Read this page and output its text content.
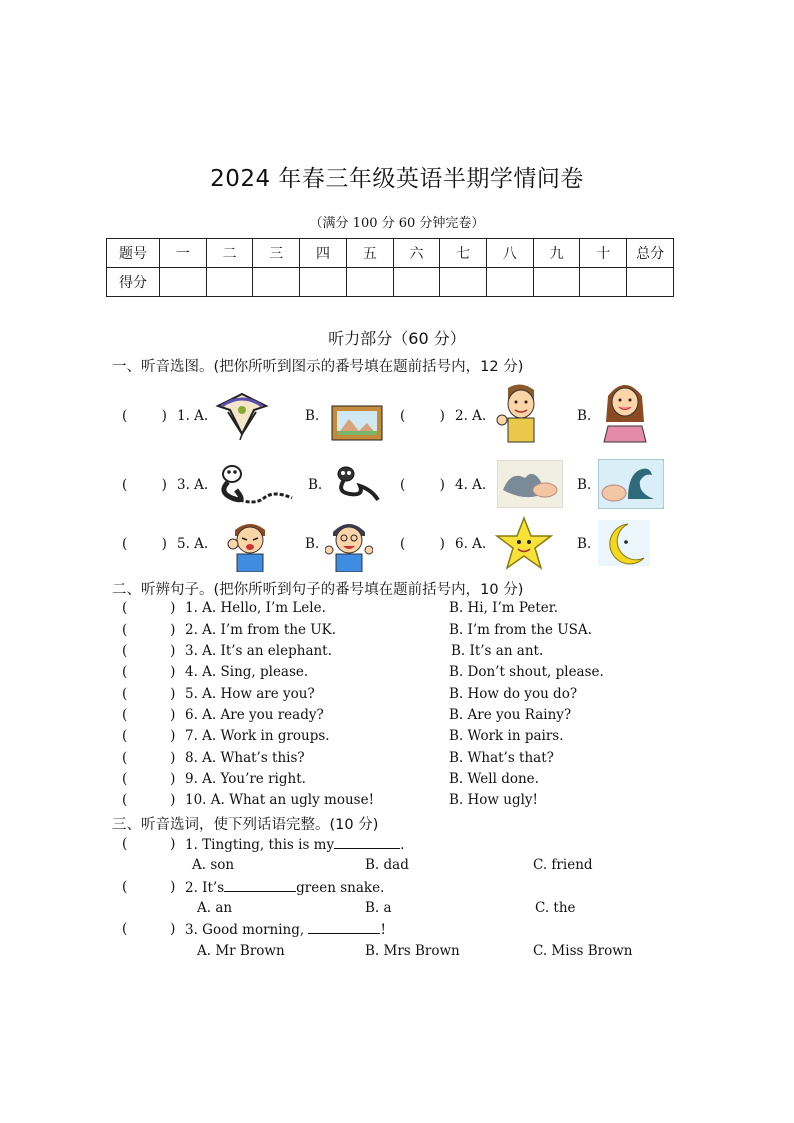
2024 年春三年级英语半期学情问卷
（满分 100 分 60 分钟完卷）
题号	一	二	三	四	五	六	七	八	九	十	总分
得分											
听力部分（60 分）
一、听音选图。(把你所听到图示的番号填在题前括号内，12 分)
(	) 1. A.	B.	(	) 2. A.	B.
(	) 3. A.	B.	(	) 4. A.	B.
(	) 5. A.	B.	(	) 6. A.	B.
二、听辨句子。(把你所听到句子的番号填在题前括号内，10 分)
(          ) 1. A. Hello, I’m Lele.	B. Hi, I’m Peter.
(          ) 2. A. I’m from the UK.	B. I’m from the USA.
(          ) 3. A. It’s an elephant.	B. It’s an ant.
(          ) 4. A. Sing, please.	B. Don’t shout, please.
(          ) 5. A. How are you?	B. How do you do?
(          ) 6. A. Are you ready?	B. Are you Rainy?
(          ) 7. A. Work in groups.	B. Work in pairs.
(          ) 8. A. What’s this?	B. What’s that?
(          ) 9. A. You’re right.	B. Well done.
(          ) 10. A. What an ugly mouse!	B. How ugly!
三、听音选词，使下列话语完整。(10 分)
(          ) 1. Tingting, this is my	.
A. son	B. dad	C. friend
(          ) 2. It’s	green snake.
A. an	B. a	C. the
(          ) 3. Good morning,	!
A. Mr Brown	B. Mrs Brown	C. Miss Brown
